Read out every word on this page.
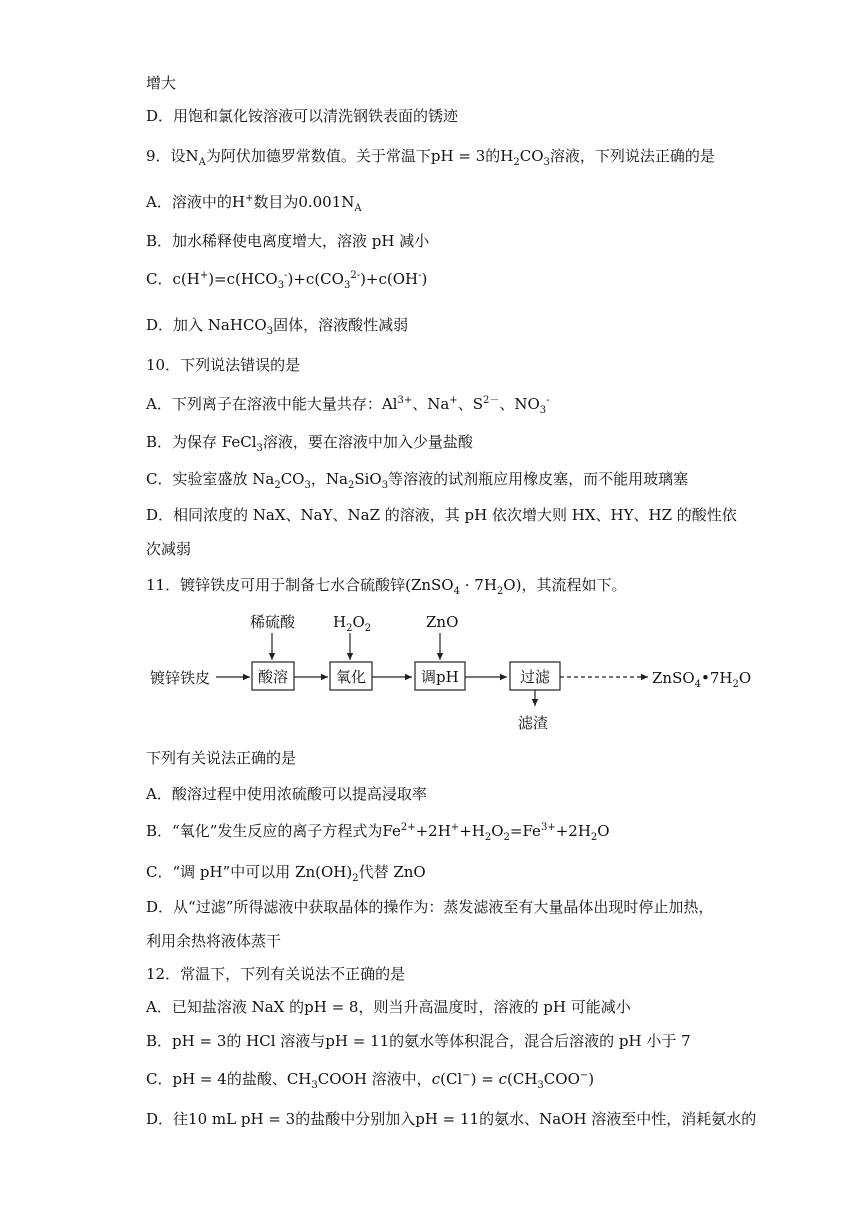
增大
D．用饱和氯化铵溶液可以清洗钢铁表面的锈迹
9．设$N_A$为阿伏加德罗常数值。关于常温下pH = 3的$H_2CO_3$溶液，下列说法正确的是
A．溶液中的H+数目为$0.001N_A$
B．加水稀释使电离度增大，溶液 pH 减小
C．$c(H^+)=c(HCO_3^-)+c(CO_3^{2-})+c(OH^-)$
D．加入 NaHCO$_3$固体，溶液酸性减弱
10．下列说法错误的是
A．下列离子在溶液中能大量共存：$Al^{3+}$、Na+、$S^{2-}$、$NO_3^-$
B．为保存 FeCl$_3$溶液，要在溶液中加入少量盐酸
C．实验室盛放 $Na_2CO_3$，$Na_2SiO_3$等溶液的试剂瓶应用橡皮塞，而不能用玻璃塞
D．相同浓度的 NaX、NaY、NaZ 的溶液，其 pH 依次增大则 HX、HY、HZ 的酸性依
次减弱
11．镀锌铁皮可用于制备七水合硫酸锌(ZnSO$_4$ · $7H_2O$)，其流程如下。
镀锌铁皮
稀硫酸
酸溶
$H_2O_2$
氧化
ZnO
调pH	过滤
滤渣
$ZnSO_4•7H_2O$
下列有关说法正确的是
A．酸溶过程中使用浓硫酸可以提高浸取率
B．“氧化”发生反应的离子方程式为$Fe^{2+}+2H^++H_2O_2=Fe^{3+}+2H_2O$
C．“调 pH”中可以用 $Zn(OH)_2$代替 ZnO
D．从“过滤”所得滤液中获取晶体的操作为：蒸发滤液至有大量晶体出现时停止加热，
利用余热将液体蒸干
12．常温下，下列有关说法不正确的是
A．已知盐溶液 NaX 的pH = 8，则当升高温度时，溶液的 pH 可能减小
B．pH = 3的 HCl 溶液与pH = 11的氨水等体积混合，混合后溶液的 pH 小于 7
C．pH = 4的盐酸、$CH_3COOH$ 溶液中，$c(Cl^-) = c(CH_3COO^-)$
D．往10 mL pH = 3的盐酸中分别加入pH = 11的氨水、NaOH 溶液至中性，消耗氨水的
